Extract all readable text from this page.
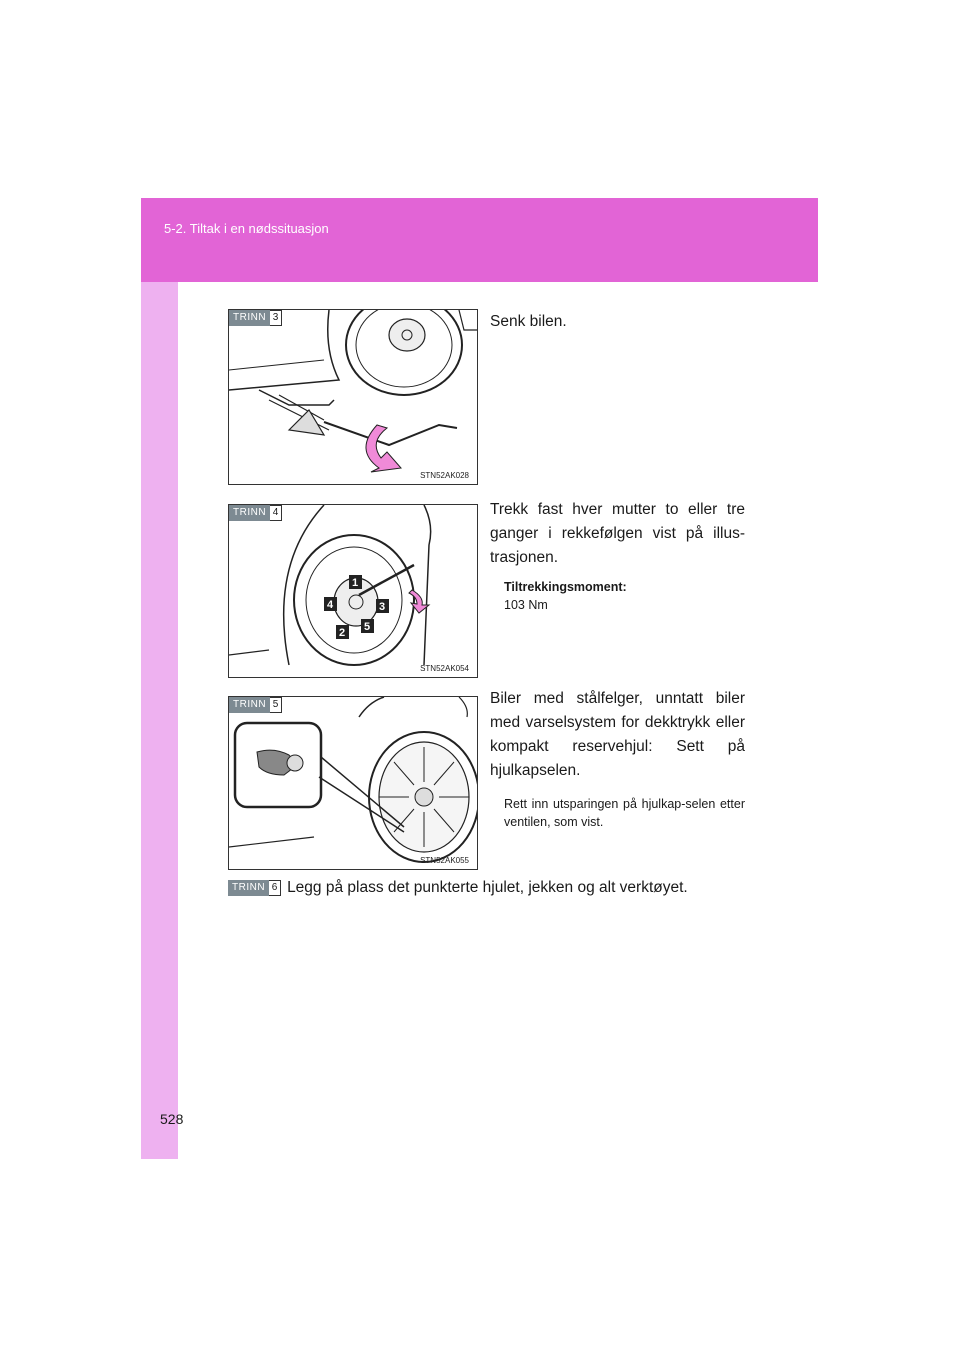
5-2. Tiltak i en nødssituasjon
TRINN 3
STN52AK028
Senk bilen.
1
2
3
4
5
TRINN 4
STN52AK054
Trekk fast hver mutter to eller tre ganger i rekkefølgen vist på illus-trasjonen.
Tiltrekkingsmoment:
103 Nm
TRINN 5
STN52AK055
Biler med stålfelger, unntatt biler med varselsystem for dekktrykk eller kompakt reservehjul: Sett på hjulkapselen.
Rett inn utsparingen på hjulkap-selen etter ventilen, som vist.
TRINN 6 Legg på plass det punkterte hjulet, jekken og alt verktøyet.
528
